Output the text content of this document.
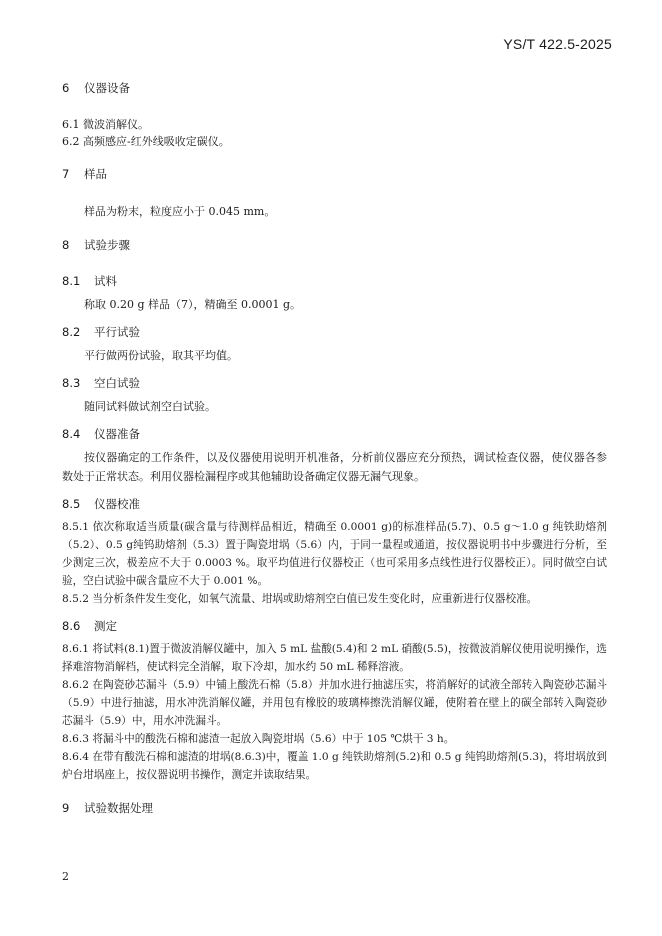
YS/T 422.5-2025
6 仪器设备

6.1 微波消解仪。

6.2 高频感应-红外线吸收定碳仪。

7 样品

样品为粉末，粒度应小于 0.045 mm。

8 试验步骤
8.1 试料

称取 0.20 g 样品（7），精确至 0.0001 g。

8.2 平行试验

平行做两份试验，取其平均值。

8.3 空白试验

随同试料做试剂空白试验。

8.4 仪器准备

按仪器确定的工作条件，以及仪器使用说明开机准备，分析前仪器应充分预热，调试检查仪器，使仪器各参数处于正常状态。利用仪器检漏程序或其他辅助设备确定仪器无漏气现象。

8.5 仪器校准

8.5.1 依次称取适当质量(碳含量与待测样品相近，精确至 0.0001 g)的标准样品(5.7)、0.5 g～1.0 g 纯铁助熔剂（5.2）、0.5 g纯钨助熔剂（5.3）置于陶瓷坩埚（5.6）内，于同一量程或通道，按仪器说明书中步骤进行分析，至少测定三次，极差应不大于 0.0003 %。取平均值进行仪器校正（也可采用多点线性进行仪器校正）。同时做空白试验，空白试验中碳含量应不大于 0.001 %。

8.5.2 当分析条件发生变化，如氧气流量、坩埚或助熔剂空白值已发生变化时，应重新进行仪器校准。

8.6 测定

8.6.1 将试料(8.1)置于微波消解仪罐中，加入 5 mL 盐酸(5.4)和 2 mL 硝酸(5.5)，按微波消解仪使用说明操作，选择难溶物消解档，使试料完全消解，取下冷却，加水约 50 mL 稀释溶液。

8.6.2 在陶瓷砂芯漏斗（5.9）中铺上酸洗石棉（5.8）并加水进行抽滤压实，将消解好的试液全部转入陶瓷砂芯漏斗（5.9）中进行抽滤，用水冲洗消解仪罐，并用包有橡胶的玻璃棒擦洗消解仪罐，使附着在壁上的碳全部转入陶瓷砂芯漏斗（5.9）中，用水冲洗漏斗。

8.6.3 将漏斗中的酸洗石棉和滤渣一起放入陶瓷坩埚（5.6）中于 105 ℃烘干 3 h。

8.6.4 在带有酸洗石棉和滤渣的坩埚(8.6.3)中，覆盖 1.0 g 纯铁助熔剂(5.2)和 0.5 g 纯钨助熔剂(5.3)，将坩埚放到炉台坩埚座上，按仪器说明书操作，测定并读取结果。

9 试验数据处理
2
